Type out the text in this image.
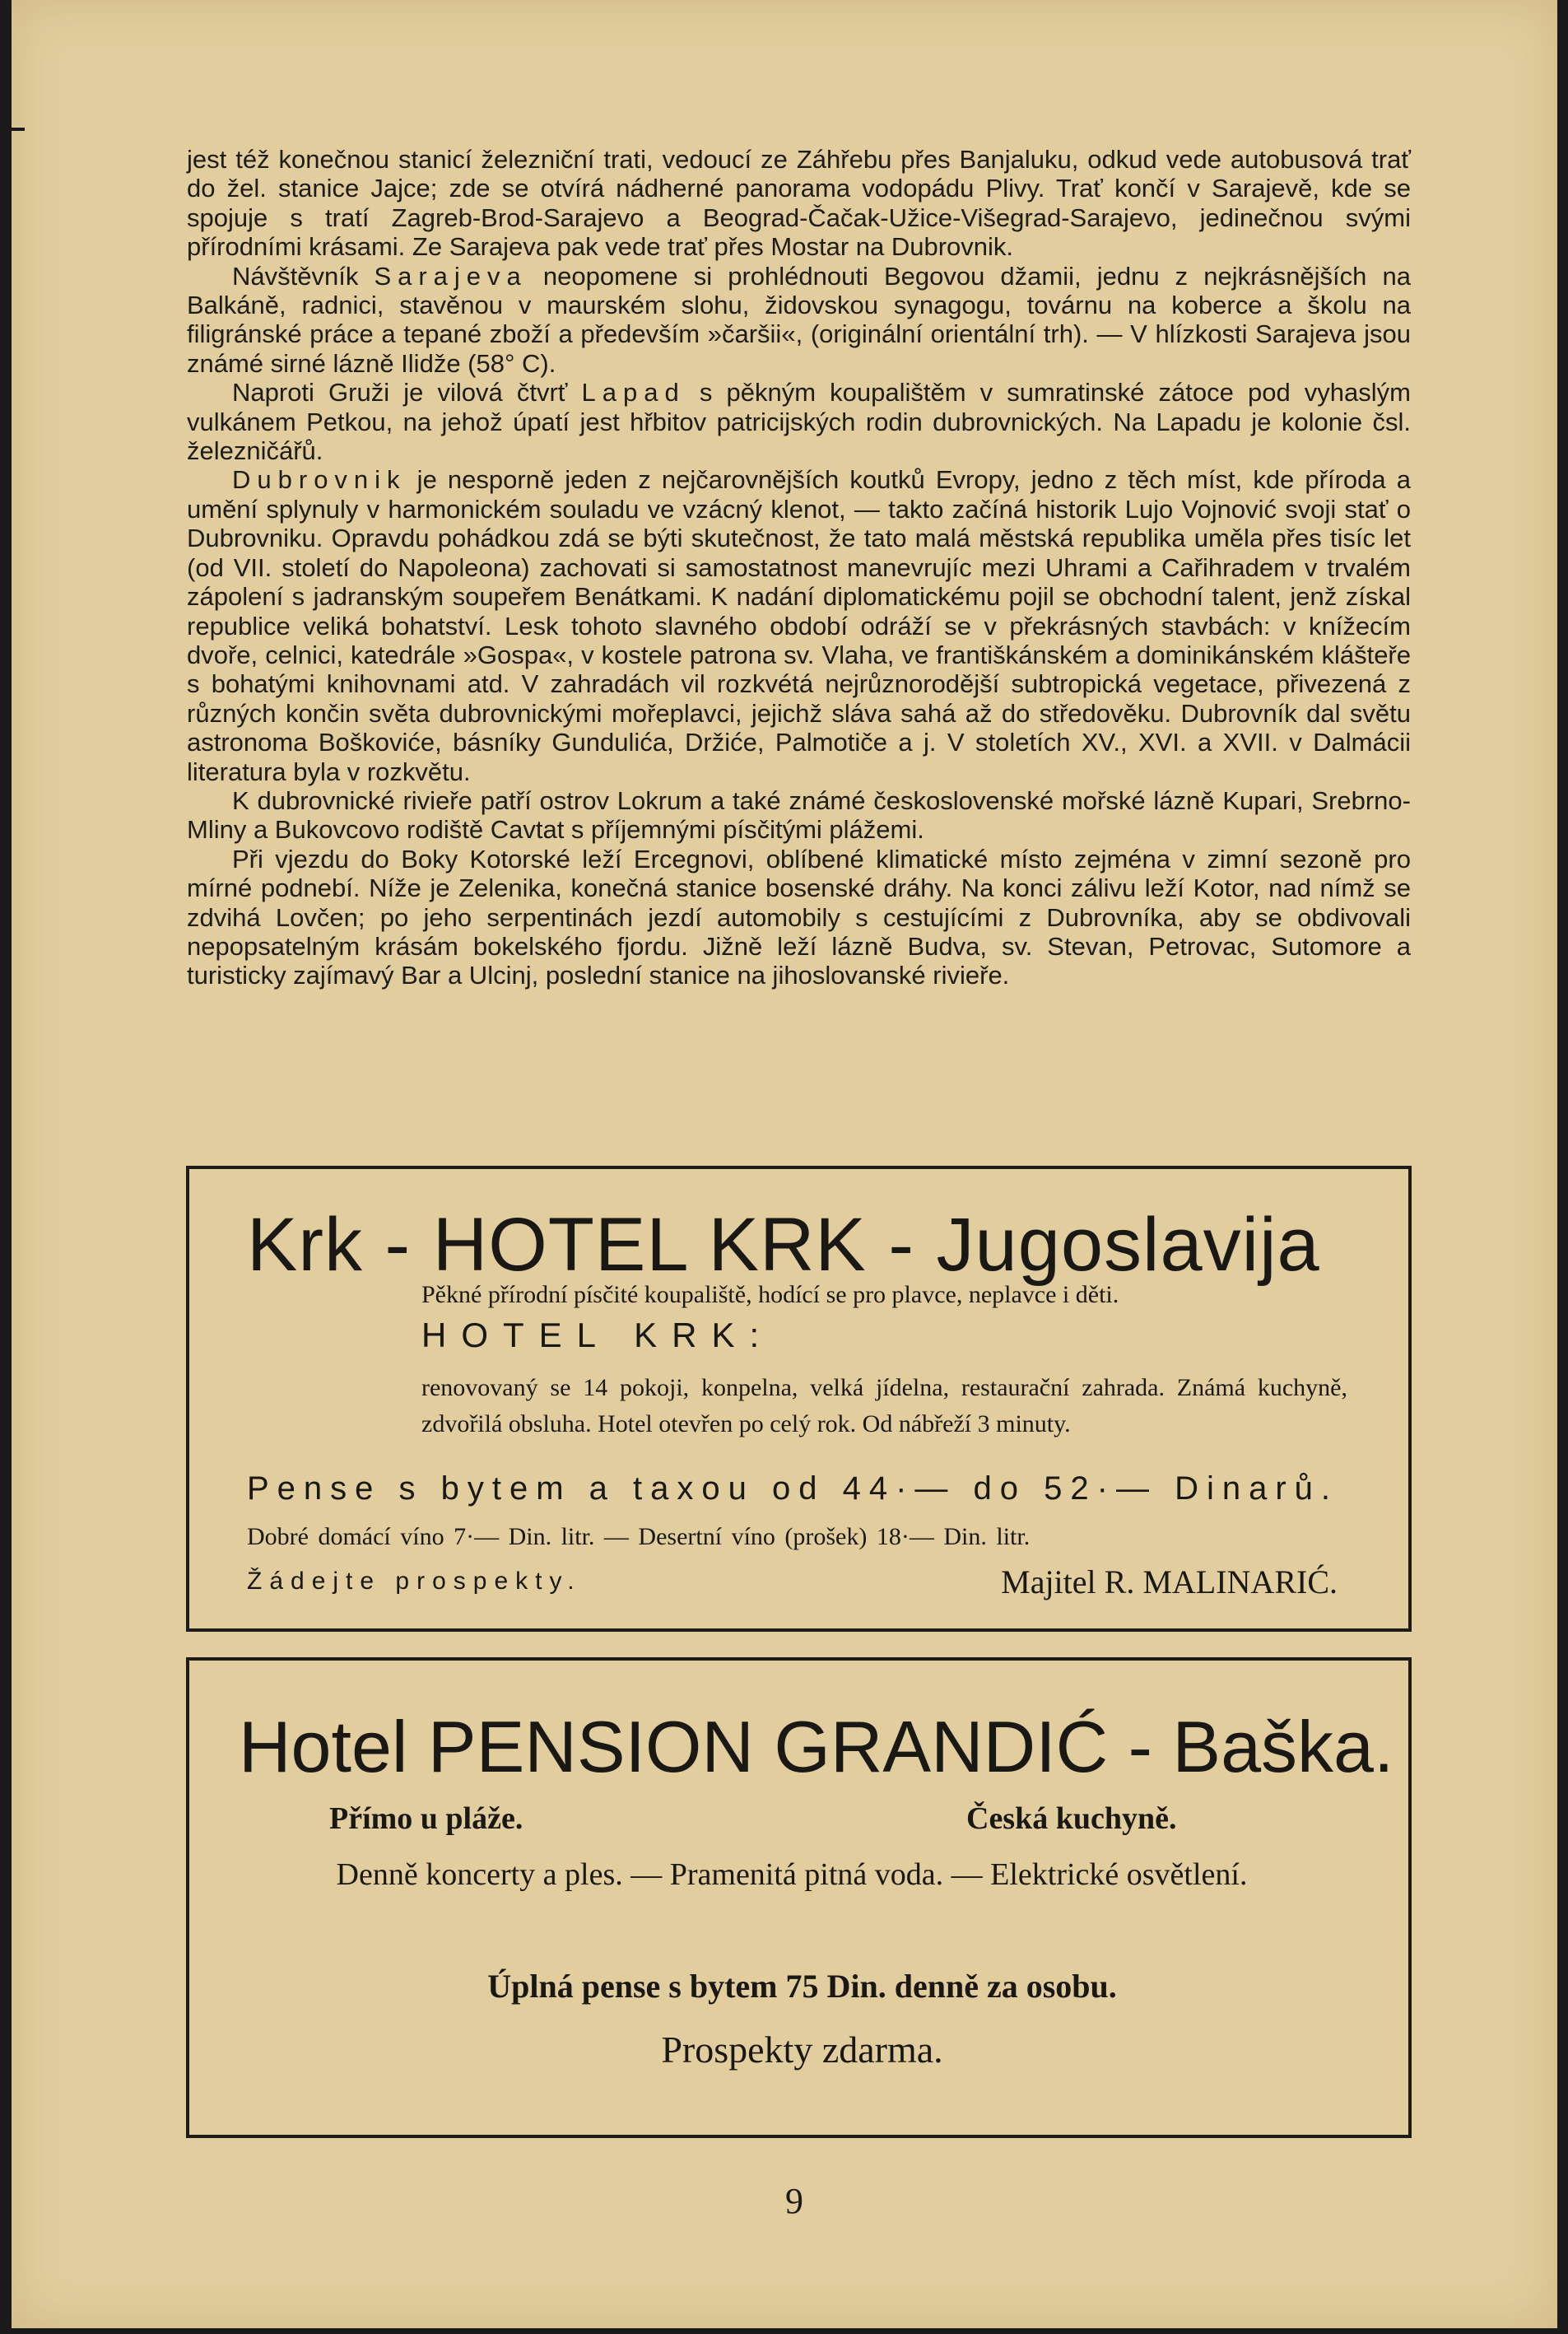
jest též konečnou stanicí železniční trati, vedoucí ze Záhřebu přes Banjaluku, odkud vede autobusová trať do žel. stanice Jajce; zde se otvírá nádherné panorama vodopádu Plivy. Trať končí v Sarajevě, kde se spojuje s tratí Zagreb-Brod-Sarajevo a Beograd-Čačak-Užice-Višegrad-Sarajevo, jedinečnou svými přírodními krásami. Ze Sarajeva pak vede trať přes Mostar na Dubrovnik.

Návštěvník Sarajeva neopomene si prohlédnouti Begovou džamii, jednu z nejkrásnějších na Balkáně, radnici, stavěnou v maurském slohu, židovskou synagogu, továrnu na koberce a školu na filigránské práce a tepané zboží a především »čaršii«, (originální orientální trh). — V hlízkosti Sarajeva jsou známé sirné lázně Ilidže (58° C).

Naproti Gruži je vilová čtvrť Lapad s pěkným koupalištěm v sumratinské zátoce pod vyhaslým vulkánem Petkou, na jehož úpatí jest hřbitov patricijských rodin dubrovnických. Na Lapadu je kolonie čsl. železničářů.

Dubrovnik je nesporně jeden z nejčarovnějších koutků Evropy, jedno z těch míst, kde příroda a umění splynuly v harmonickém souladu ve vzácný klenot, — takto začíná historik Lujo Vojnović svoji stať o Dubrovniku. Opravdu pohádkou zdá se býti skutečnost, že tato malá městská republika uměla přes tisíc let (od VII. století do Napoleona) zachovati si samostatnost manevrujíc mezi Uhrami a Cařihradem v trvalém zápolení s jadranským soupeřem Benátkami. K nadání diplomatickému pojil se obchodní talent, jenž získal republice veliká bohatství. Lesk tohoto slavného období odráží se v překrásných stavbách: v knížecím dvoře, celnici, katedrále »Gospa«, v kostele patrona sv. Vlaha, ve františkánském a dominikánském klášteře s bohatými knihovnami atd. V zahradách vil rozkvétá nejrůznorodější subtropická vegetace, přivezená z různých končin světa dubrovnickými mořeplavci, jejichž sláva sahá až do středověku. Dubrovník dal světu astronoma Boškoviće, básníky Gundulića, Držiće, Palmotiče a j. V stoletích XV., XVI. a XVII. v Dalmácii literatura byla v rozkvětu.

K dubrovnické rivieře patří ostrov Lokrum a také známé československé mořské lázně Kupari, Srebrno-Mliny a Bukovcovo rodiště Cavtat s příjemnými písčitými plážemi.

Při vjezdu do Boky Kotorské leží Ercegnovi, oblíbené klimatické místo zejména v zimní sezoně pro mírné podnebí. Níže je Zelenika, konečná stanice bosenské dráhy. Na konci zálivu leží Kotor, nad nímž se zdvihá Lovčen; po jeho serpentinách jezdí automobily s cestujícími z Dubrovníka, aby se obdivovali nepopsatelným krásám bokelského fjordu. Jižně leží lázně Budva, sv. Stevan, Petrovac, Sutomore a turisticky zajímavý Bar a Ulcinj, poslední stanice na jihoslovanské rivieře.

Krk - HOTEL KRK - Jugoslavija
Pěkné přírodní písčité koupaliště, hodící se pro plavce, neplavce i děti.
HOTEL KRK:
renovovaný se 14 pokoji, konpelna, velká jídelna, restaurační zahrada. Známá kuchyně, zdvořilá obsluha. Hotel otevřen po celý rok. Od nábřeží 3 minuty.
Pense s bytem a taxou od 44·— do 52·— Dinarů.
Dobré domácí víno 7·— Din. litr. — Desertní víno (prošek) 18·— Din. litr.
Žádejte prospekty.	Majitel R. MALINARIĆ.
Hotel PENSION GRANDIĆ - Baška.
Přímo u pláže.	Česká kuchyně.
Denně koncerty a ples. — Pramenitá pitná voda. — Elektrické osvětlení.
Úplná pense s bytem 75 Din. denně za osobu.
Prospekty zdarma.
9
